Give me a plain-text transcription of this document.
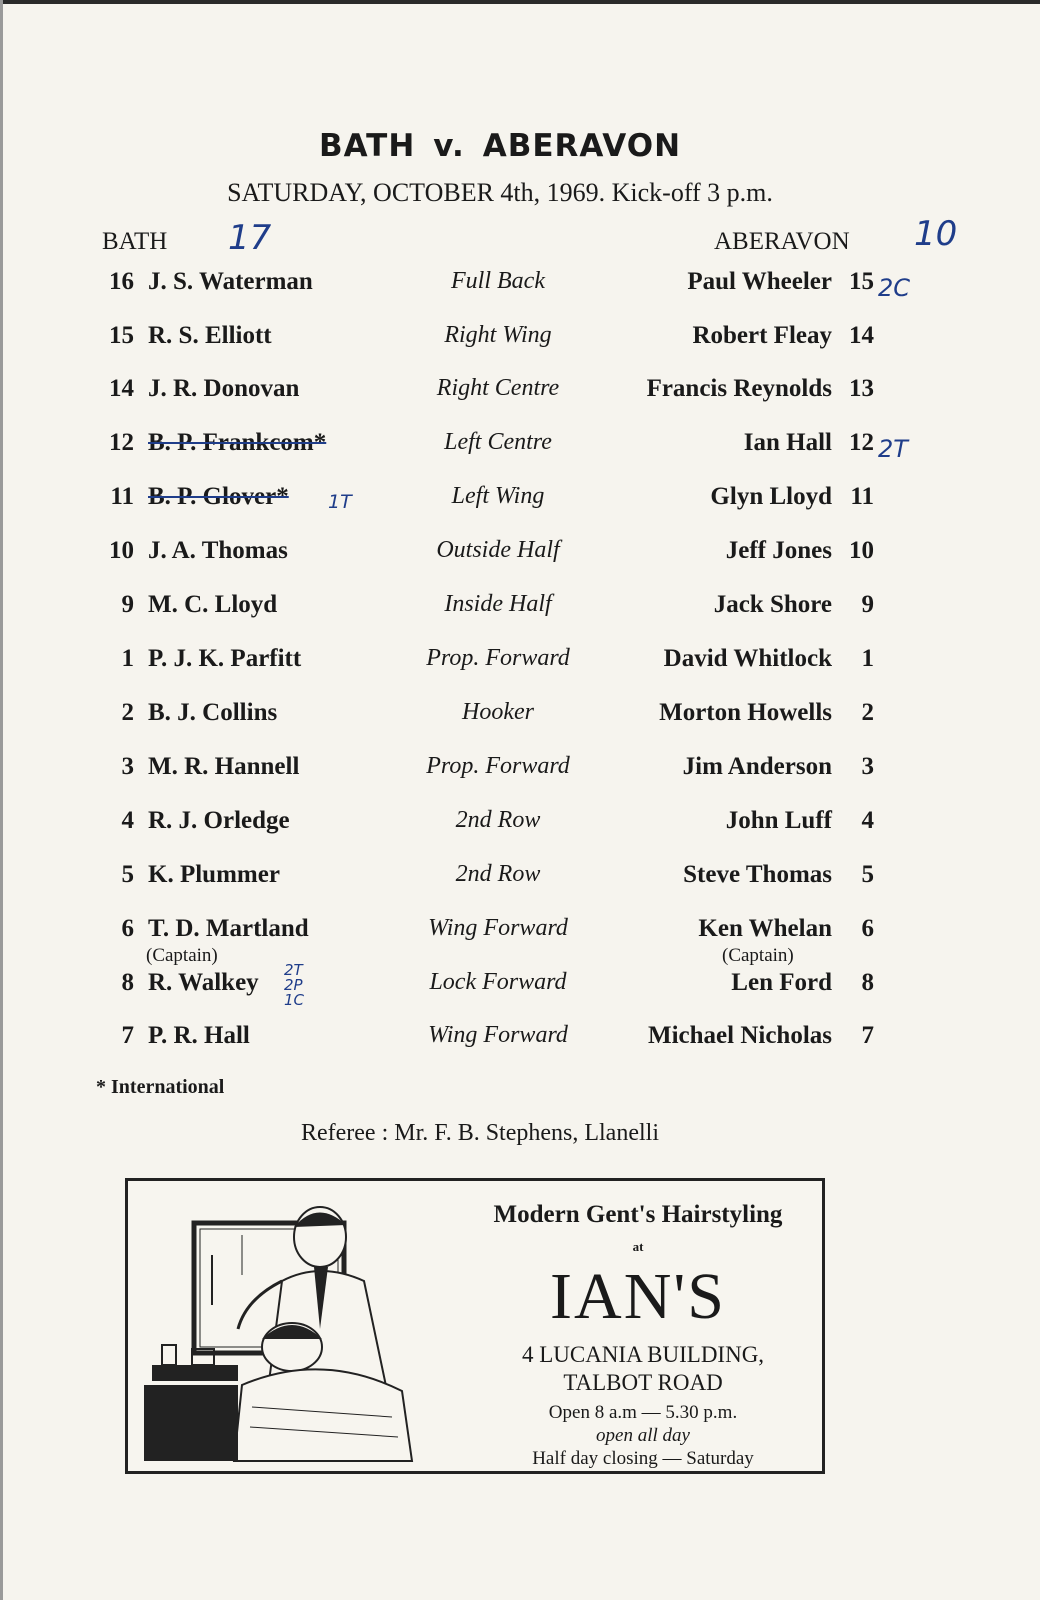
BATH v. ABERAVON
SATURDAY, OCTOBER 4th, 1969. Kick-off 3 p.m.
BATH 17	ABERAVON 10
16 J. S. Waterman	Full Back	Paul Wheeler 15 2C
15 R. S. Elliott	Right Wing	Robert Fleay 14
14 J. R. Donovan	Right Centre	Francis Reynolds 13
12 B. P. Frankcom*	Left Centre	Ian Hall 12 2T
11 B. P. Glover*	Left Wing	Glyn Lloyd 11
1T
10 J. A. Thomas	Outside Half	Jeff Jones 10
9 M. C. Lloyd	Inside Half	Jack Shore	9
1 P. J. K. Parfitt	Prop. Forward	David Whitlock	1
2 B. J. Collins	Hooker	Morton Howells	2
3 M. R. Hannell	Prop. Forward	Jim Anderson	3
4 R. J. Orledge	2nd Row	John Luff	4
5 K. Plummer	2nd Row	Steve Thomas	5
6 T. D. Martland	Wing Forward	Ken Whelan	6
(Captain)	(Captain)
8 R. Walkey	Lock Forward	Len Ford	8
2T 2P 1C
7 P. R. Hall	Wing Forward	Michael Nicholas	7
* International
Referee : Mr. F. B. Stephens, Llanelli
Modern Gent's Hairstyling
at
IAN'S
4 LUCANIA BUILDING,
TALBOT ROAD
Open 8 a.m — 5.30 p.m.
open all day
Half day closing — Saturday
